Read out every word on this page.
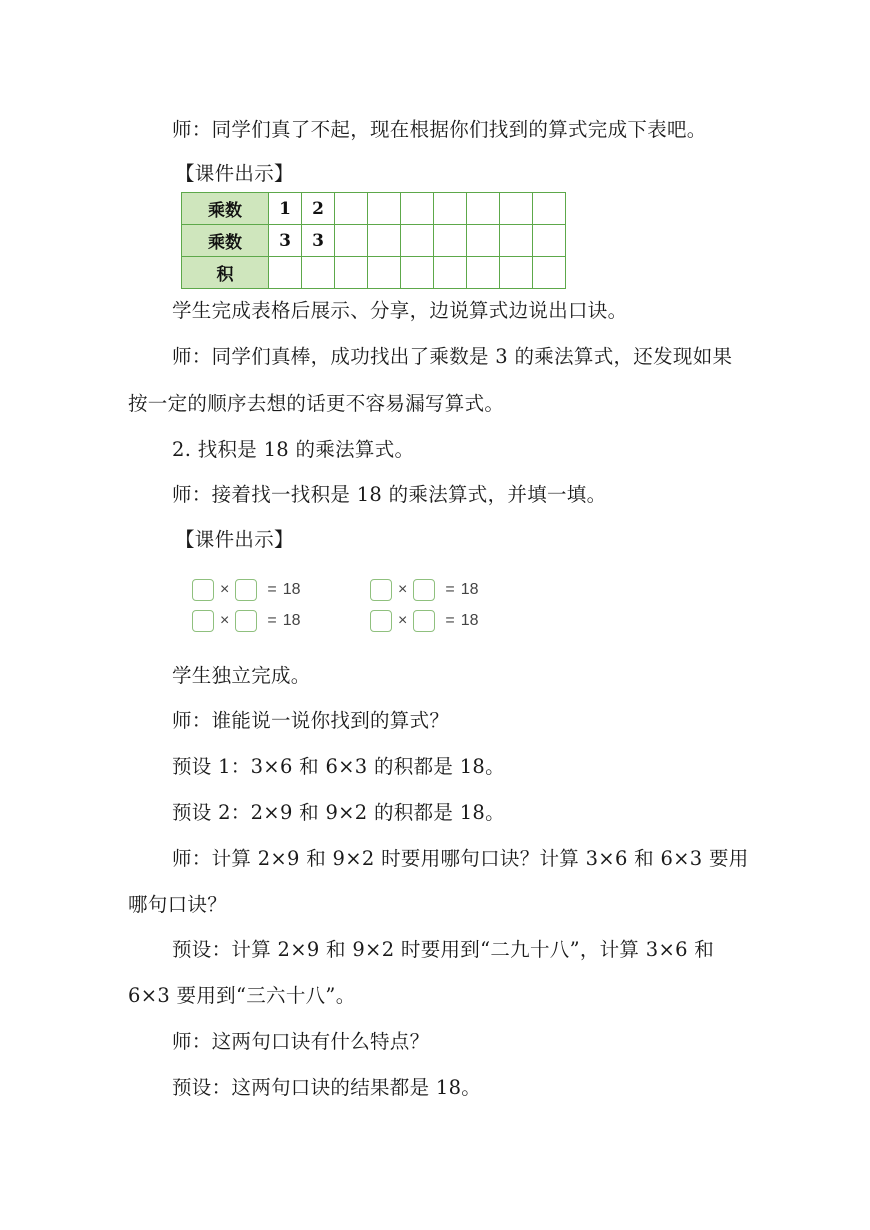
师：同学们真了不起，现在根据你们找到的算式完成下表吧。
【课件出示】
乘数	1	2							
乘数	3	3							
积									
学生完成表格后展示、分享，边说算式边说出口诀。
师：同学们真棒，成功找出了乘数是 3 的乘法算式，还发现如果
按一定的顺序去想的话更不容易漏写算式。
2. 找积是 18 的乘法算式。
师：接着找一找积是 18 的乘法算式，并填一填。
【课件出示】
× = 18	× = 18
× = 18	× = 18
学生独立完成。
师：谁能说一说你找到的算式？
预设 1：3×6 和 6×3 的积都是 18。
预设 2：2×9 和 9×2 的积都是 18。
师：计算 2×9 和 9×2 时要用哪句口诀？计算 3×6 和 6×3 要用
哪句口诀？
预设：计算 2×9 和 9×2 时要用到“二九十八”，计算 3×6 和
6×3 要用到“三六十八”。
师：这两句口诀有什么特点？
预设：这两句口诀的结果都是 18。
